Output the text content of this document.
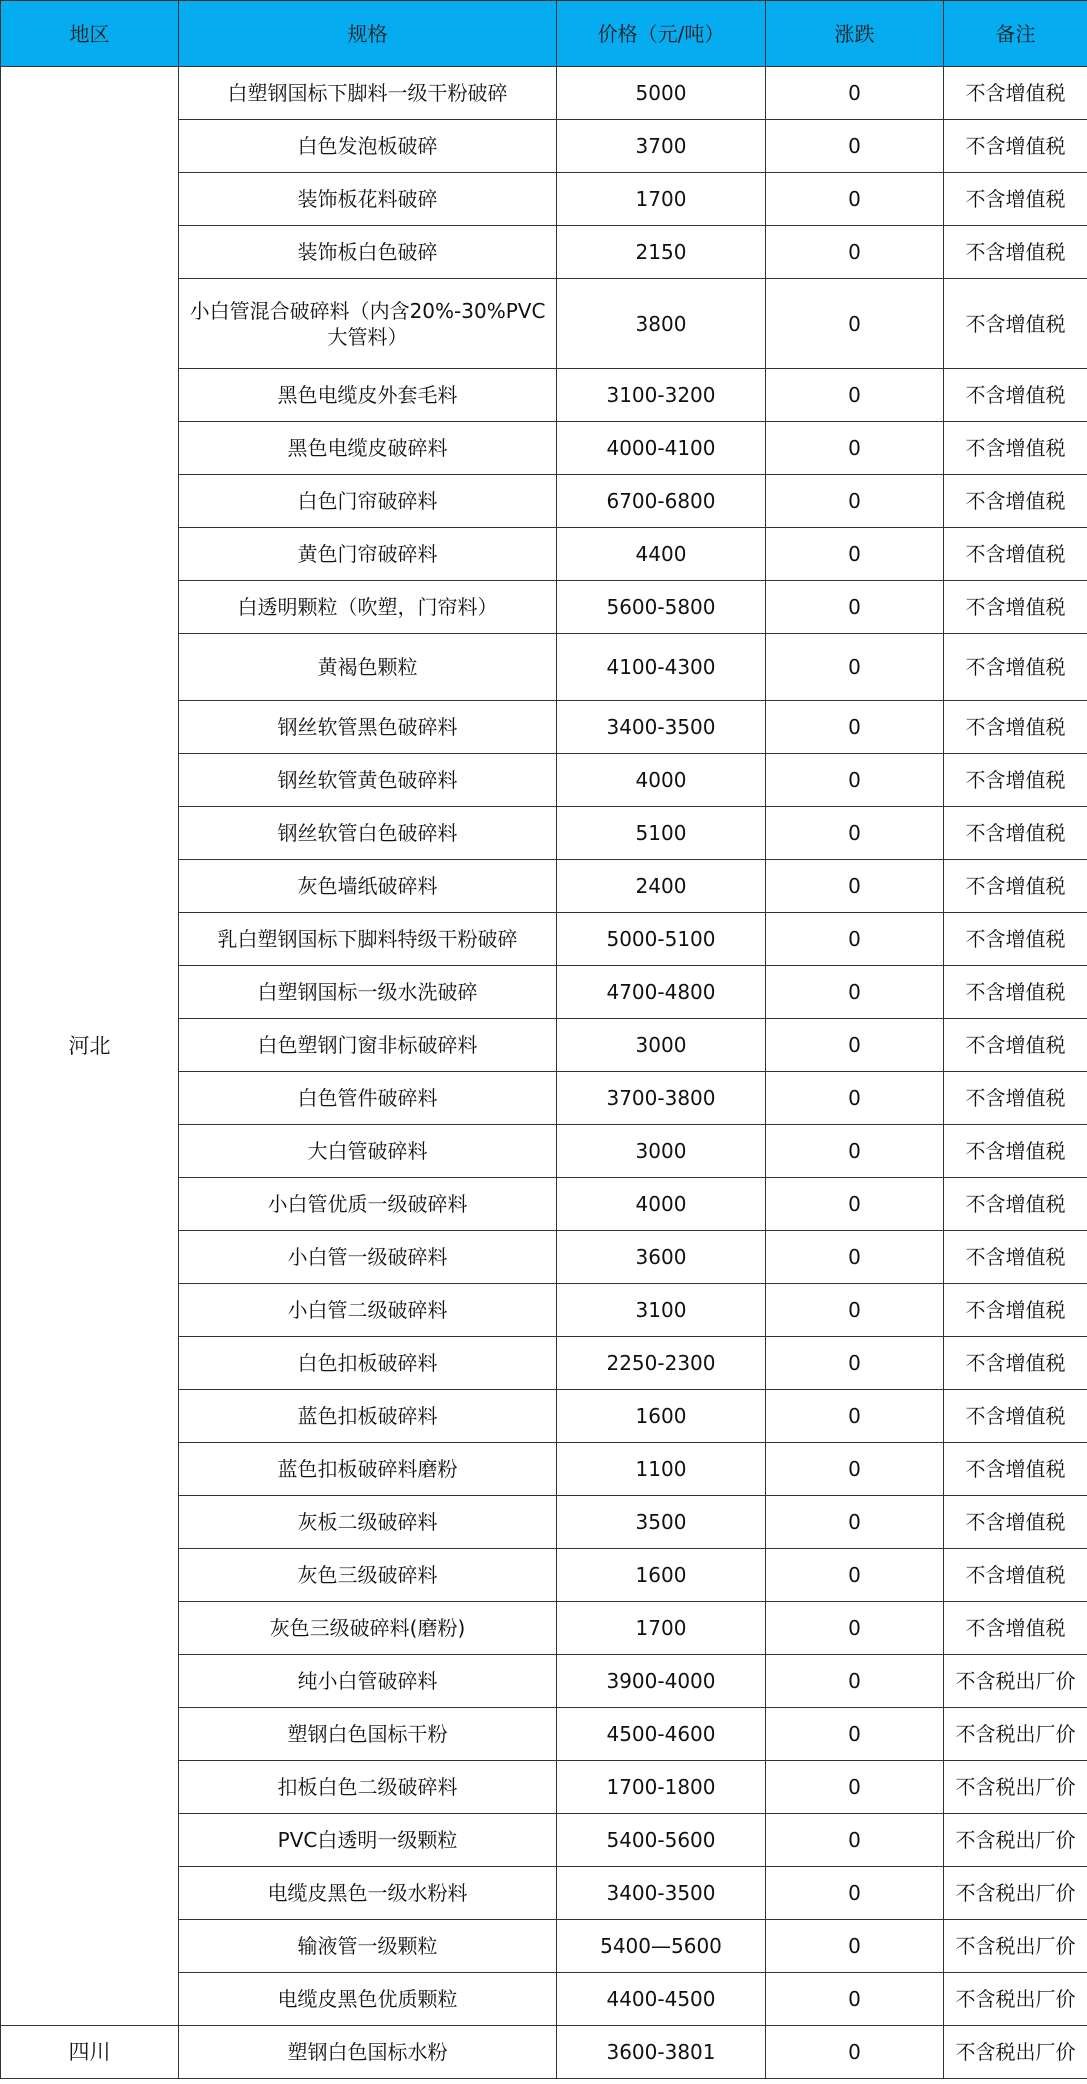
地区	规格	价格（元/吨）	涨跌	备注
河北	白塑钢国标下脚料一级干粉破碎	5000	0	不含增值税
	白色发泡板破碎	3700	0	不含增值税
	装饰板花料破碎	1700	0	不含增值税
	装饰板白色破碎	2150	0	不含增值税
	小白管混合破碎料（内含20%-30%PVC大管料）	3800	0	不含增值税
	黑色电缆皮外套毛料	3100-3200	0	不含增值税
	黑色电缆皮破碎料	4000-4100	0	不含增值税
	白色门帘破碎料	6700-6800	0	不含增值税
	黄色门帘破碎料	4400	0	不含增值税
	白透明颗粒（吹塑，门帘料）	5600-5800	0	不含增值税
	黄褐色颗粒	4100-4300	0	不含增值税
	钢丝软管黑色破碎料	3400-3500	0	不含增值税
	钢丝软管黄色破碎料	4000	0	不含增值税
	钢丝软管白色破碎料	5100	0	不含增值税
	灰色墙纸破碎料	2400	0	不含增值税
	乳白塑钢国标下脚料特级干粉破碎	5000-5100	0	不含增值税
	白塑钢国标一级水洗破碎	4700-4800	0	不含增值税
	白色塑钢门窗非标破碎料	3000	0	不含增值税
	白色管件破碎料	3700-3800	0	不含增值税
	大白管破碎料	3000	0	不含增值税
	小白管优质一级破碎料	4000	0	不含增值税
	小白管一级破碎料	3600	0	不含增值税
	小白管二级破碎料	3100	0	不含增值税
	白色扣板破碎料	2250-2300	0	不含增值税
	蓝色扣板破碎料	1600	0	不含增值税
	蓝色扣板破碎料磨粉	1100	0	不含增值税
	灰板二级破碎料	3500	0	不含增值税
	灰色三级破碎料	1600	0	不含增值税
	灰色三级破碎料(磨粉)	1700	0	不含增值税
	纯小白管破碎料	3900-4000	0	不含税出厂价
	塑钢白色国标干粉	4500-4600	0	不含税出厂价
	扣板白色二级破碎料	1700-1800	0	不含税出厂价
	PVC白透明一级颗粒	5400-5600	0	不含税出厂价
	电缆皮黑色一级水粉料	3400-3500	0	不含税出厂价
	输液管一级颗粒	5400—5600	0	不含税出厂价
	电缆皮黑色优质颗粒	4400-4500	0	不含税出厂价
四川	塑钢白色国标水粉	3600-3801	0	不含税出厂价
